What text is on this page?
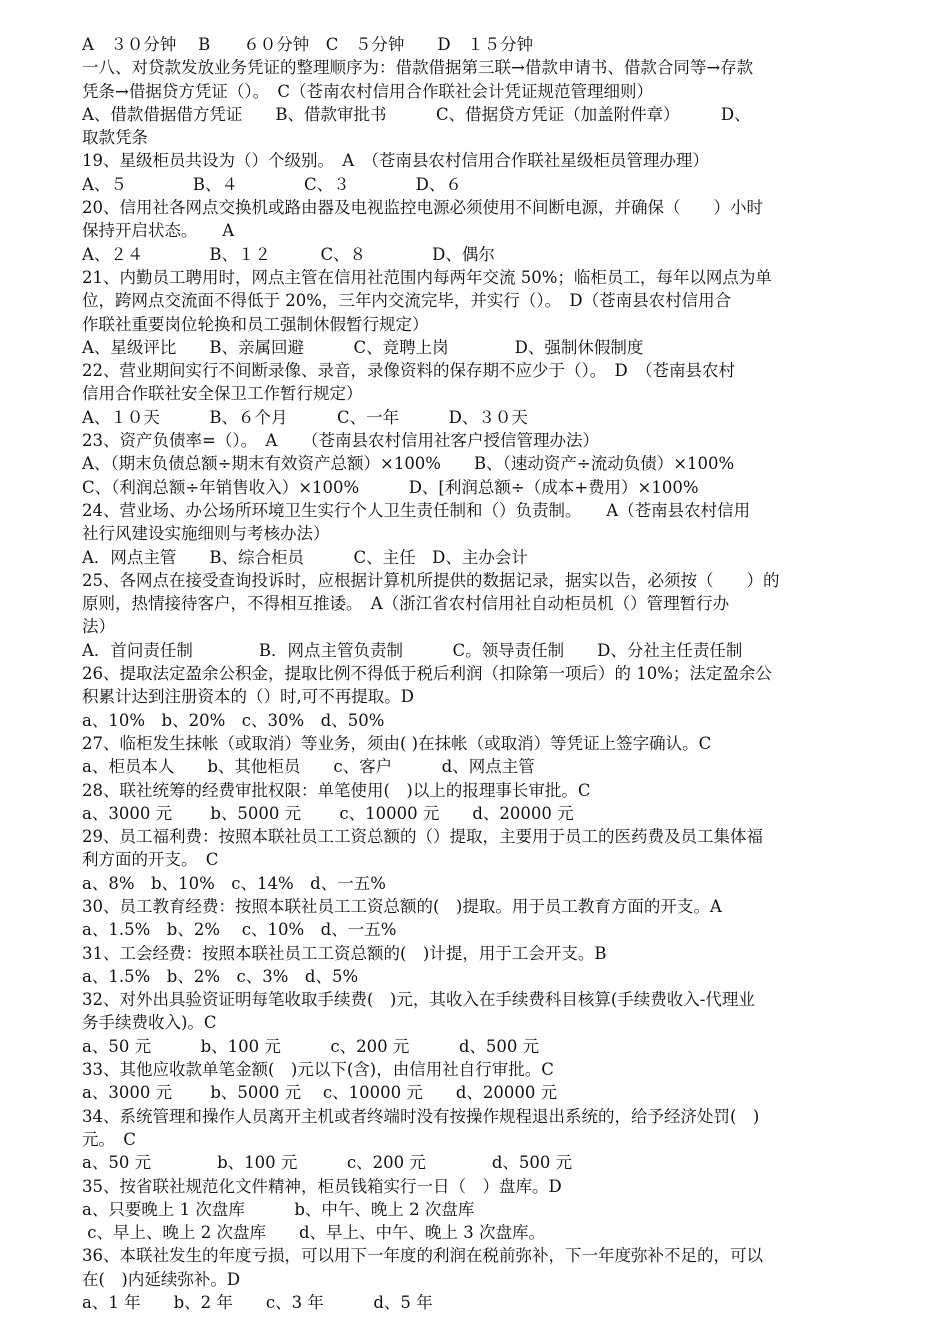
A　３０分钟　 B　　６０分钟　C　５分钟　　D　１５分钟
一八、对贷款发放业务凭证的整理顺序为：借款借据第三联→借款申请书、借款合同等→存款
凭条→借据贷方凭证（）。　C（苍南农村信用合作联社会计凭证规范管理细则）
A、借款借据借方凭证　　B、借款审批书　　　C、借据贷方凭证（加盖附件章）　　　D、
取款凭条
19、星级柜员共设为（）个级别。　A　（苍南县农村信用合作联社星级柜员管理办理）
A、５　　　　B、４　　　　C、３　　　　D、６
20、信用社各网点交换机或路由器及电视监控电源必须使用不间断电源，并确保（　　）小时
保持开启状态。　　A
A、２４　　　　B、１２　　　C、８　　　　D、偶尔
21、内勤员工聘用时，网点主管在信用社范围内每两年交流 50%；临柜员工，每年以网点为单
位，跨网点交流面不得低于 20%，三年内交流完毕，并实行（）。　D（苍南县农村信用合
作联社重要岗位轮换和员工强制休假暂行规定）
A、星级评比　　B、亲属回避　　　C、竞聘上岗　　　　D、强制休假制度
22、营业期间实行不间断录像、录音，录像资料的保存期不应少于（）。　D　（苍南县农村
信用合作联社安全保卫工作暂行规定）
A、１０天　　　B、６个月　　　C、一年　　　D、３０天
23、资产负债率=（）。　A　　（苍南县农村信用社客户授信管理办法）
A、（期末负债总额÷期末有效资产总额）×100%　　B、（速动资产÷流动负债）×100%
C、（利润总额÷年销售收入）×100%　　　D、[利润总额÷（成本+费用）×100%
24、营业场、办公场所环境卫生实行个人卫生责任制和（）负责制。　　A（苍南县农村信用
社行风建设实施细则与考核办法）
A．网点主管　　B、综合柜员　　　C、主任　D、主办会计
25、各网点在接受查询投诉时，应根据计算机所提供的数据记录，据实以告，必须按（　　）的
原则，热情接待客户，不得相互推诿。　A（浙江省农村信用社自动柜员机（）管理暂行办
法）
A．首问责任制　　　　B．网点主管负责制　　　C。领导责任制　　D、分社主任责任制
26、提取法定盈余公积金，提取比例不得低于税后利润（扣除第一项后）的 10%；法定盈余公
积累计达到注册资本的（）时,可不再提取。D
a、10%　b、20%　c、30%　d、50%
27、临柜发生抹帐（或取消）等业务，须由( )在抹帐（或取消）等凭证上签字确认。C
a、柜员本人　　b、其他柜员　　c、客户　　　d、网点主管
28、联社统筹的经费审批权限：单笔使用(　)以上的报理事长审批。C
a、3000 元　　 b、5000 元　　 c、10000 元　　d、20000 元
29、员工福利费：按照本联社员工工资总额的（）提取，主要用于员工的医药费及员工集体福
利方面的开支。　C
a、8%　b、10%　c、14%　d、一五%
30、员工教育经费：按照本联社员工工资总额的(　)提取。用于员工教育方面的开支。A
a、1.5%　b、2%　 c、10%　d、一五%
31、工会经费：按照本联社员工工资总额的(　)计提，用于工会开支。B
a、1.5%　b、2%　c、3%　d、5%
32、对外出具验资证明每笔收取手续费(　)元，其收入在手续费科目核算(手续费收入-代理业
务手续费收入)。C
a、50 元　　　b、100 元　　　c、200 元　　　d、500 元
33、其他应收款单笔金额(　)元以下(含)，由信用社自行审批。C
a、3000 元　　 b、5000 元　 c、10000 元　　d、20000 元
34、系统管理和操作人员离开主机或者终端时没有按操作规程退出系统的，给予经济处罚(　)
元。　C
a、50 元　　　　b、100 元　　　c、200 元　　　　d、500 元
35、按省联社规范化文件精神，柜员钱箱实行一日（　）盘库。D
a、只要晚上 1 次盘库　　　b、中午、晚上 2 次盘库
c、早上、晚上 2 次盘库　　d、早上、中午、晚上 3 次盘库。
36、本联社发生的年度亏损，可以用下一年度的利润在税前弥补，下一年度弥补不足的，可以
在(　)内延续弥补。D
a、1 年　　b、2 年　　c、3 年　　　d、5 年
